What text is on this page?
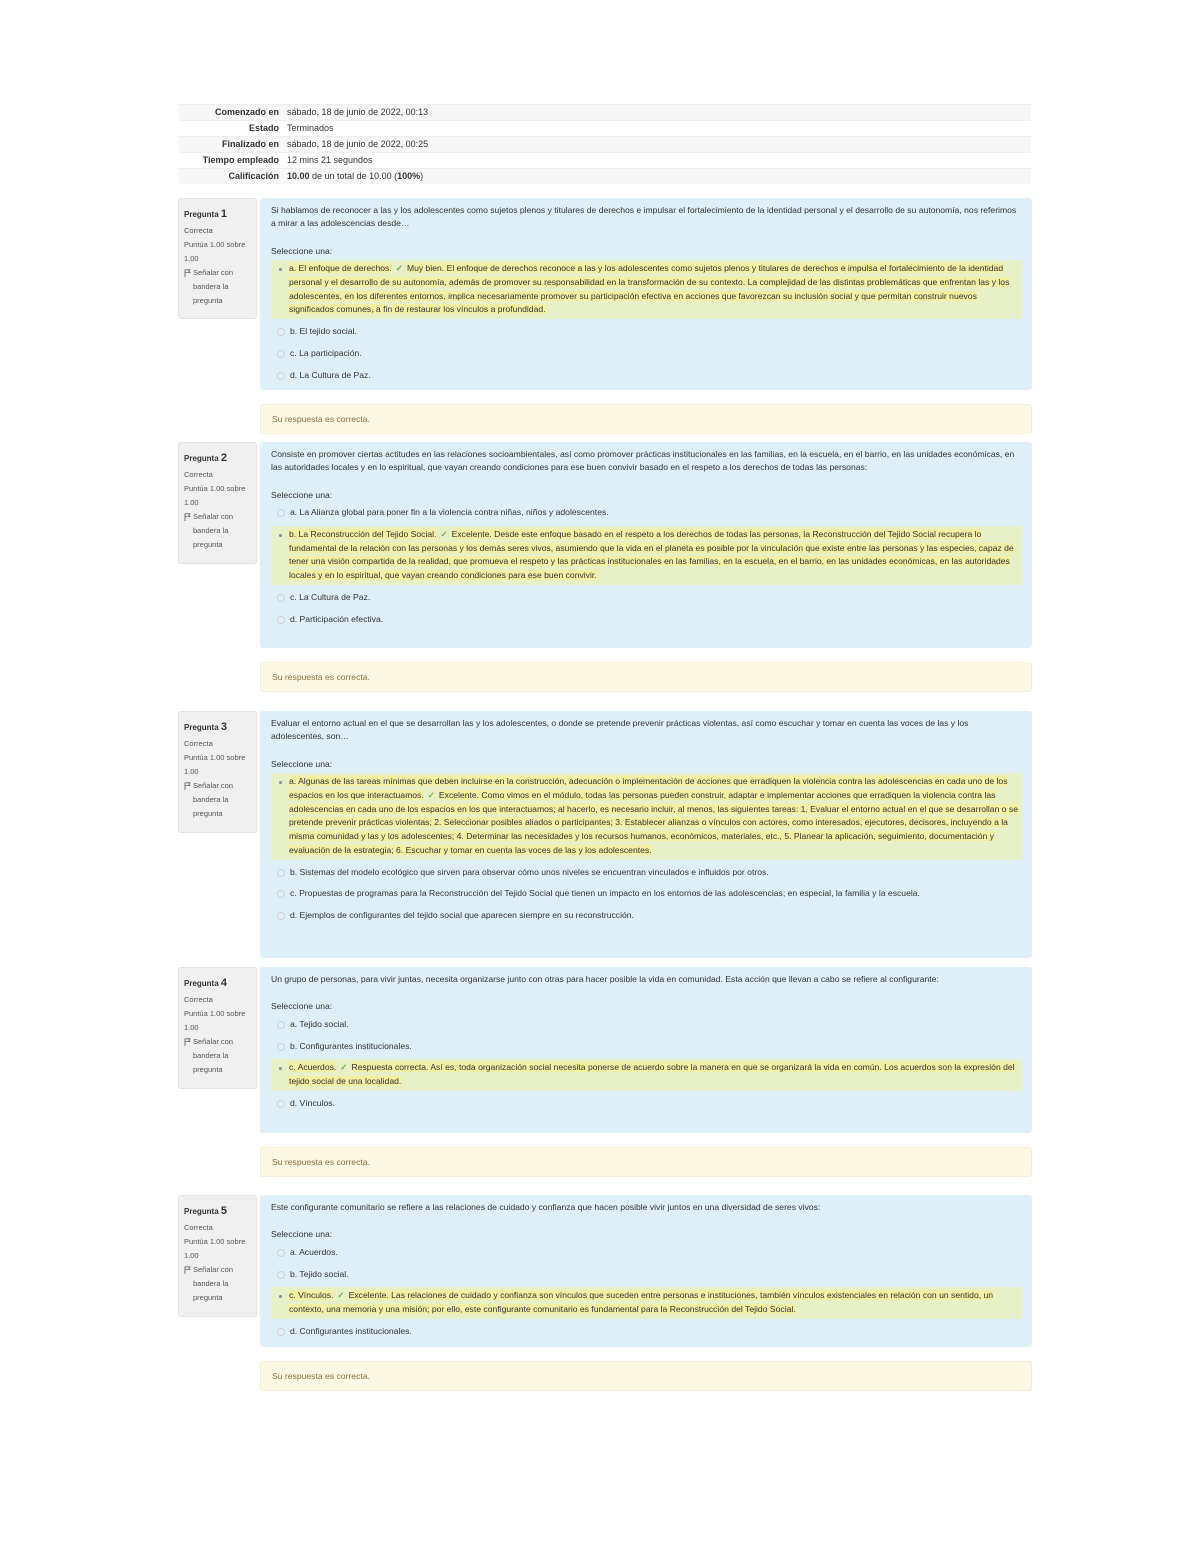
Comenzado en sábado, 18 de junio de 2022, 00:13
Estado Terminados
Finalizado en sábado, 18 de junio de 2022, 00:25
Tiempo empleado 12 mins 21 segundos
Calificación 10.00 de un total de 10.00 (100%)
Pregunta 1
Correcta
Puntúa 1.00 sobre 1.00
Señalar con bandera la pregunta
Si hablamos de reconocer a las y los adolescentes como sujetos plenos y titulares de derechos e impulsar el fortalecimiento de la identidad personal y el desarrollo de su autonomía, nos referimos a mirar a las adolescencias desde…
Seleccione una:
a. El enfoque de derechos. ✓ Muy bien. El enfoque de derechos reconoce a las y los adolescentes como sujetos plenos y titulares de derechos e impulsa el fortalecimiento de la identidad personal y el desarrollo de su autonomía, además de promover su responsabilidad en la transformación de su contexto. La complejidad de las distintas problemáticas que enfrentan las y los adolescentes, en los diferentes entornos, implica necesariamente promover su participación efectiva en acciones que favorezcan su inclusión social y que permitan construir nuevos significados comunes, a fin de restaurar los vínculos a profundidad.
b. El tejido social.
c. La participación.
d. La Cultura de Paz.
Su respuesta es correcta.
Pregunta 2
Correcta
Puntúa 1.00 sobre 1.00
Señalar con bandera la pregunta
Consiste en promover ciertas actitudes en las relaciones socioambientales, así como promover prácticas institucionales en las familias, en la escuela, en el barrio, en las unidades económicas, en las autoridades locales y en lo espiritual, que vayan creando condiciones para ese buen convivir basado en el respeto a los derechos de todas las personas:
Seleccione una:
a. La Alianza global para poner fin a la violencia contra niñas, niños y adolescentes.
b. La Reconstrucción del Tejido Social. ✓ Excelente. Desde este enfoque basado en el respeto a los derechos de todas las personas, la Reconstrucción del Tejido Social recupera lo fundamental de la relación con las personas y los demás seres vivos, asumiendo que la vida en el planeta es posible por la vinculación que existe entre las personas y las especies, capaz de tener una visión compartida de la realidad, que promueva el respeto y las prácticas institucionales en las familias, en la escuela, en el barrio, en las unidades económicas, en las autoridades locales y en lo espiritual, que vayan creando condiciones para ese buen convivir.
c. La Cultura de Paz.
d. Participación efectiva.
Su respuesta es correcta.
Pregunta 3
Correcta
Puntúa 1.00 sobre 1.00
Señalar con bandera la pregunta
Evaluar el entorno actual en el que se desarrollan las y los adolescentes, o donde se pretende prevenir prácticas violentas, así como escuchar y tomar en cuenta las voces de las y los adolescentes, son…
Seleccione una:
a. Algunas de las tareas mínimas que deben incluirse en la construcción, adecuación o implementación de acciones que erradiquen la violencia contra las adolescencias en cada uno de los espacios en los que interactuamos. ✓ Excelente. Como vimos en el módulo, todas las personas pueden construir, adaptar e implementar acciones que erradiquen la violencia contra las adolescencias en cada uno de los espacios en los que interactuamos; al hacerlo, es necesario incluir, al menos, las siguientes tareas: 1. Evaluar el entorno actual en el que se desarrollan o se pretende prevenir prácticas violentas; 2. Seleccionar posibles aliados o participantes; 3. Establecer alianzas o vínculos con actores, como interesados, ejecutores, decisores, incluyendo a la misma comunidad y las y los adolescentes; 4. Determinar las necesidades y los recursos humanos, económicos, materiales, etc., 5. Planear la aplicación, seguimiento, documentación y evaluación de la estrategia; 6. Escuchar y tomar en cuenta las voces de las y los adolescentes.
b. Sistemas del modelo ecológico que sirven para observar cómo unos niveles se encuentran vinculados e influidos por otros.
c. Propuestas de programas para la Reconstrucción del Tejido Social que tienen un impacto en los entornos de las adolescencias; en especial, la familia y la escuela.
d. Ejemplos de configurantes del tejido social que aparecen siempre en su reconstrucción.
Pregunta 4
Correcta
Puntúa 1.00 sobre 1.00
Señalar con bandera la pregunta
Un grupo de personas, para vivir juntas, necesita organizarse junto con otras para hacer posible la vida en comunidad. Esta acción que llevan a cabo se refiere al configurante:
Seleccione una:
a. Tejido social.
b. Configurantes institucionales.
c. Acuerdos. ✓ Respuesta correcta. Así es, toda organización social necesita ponerse de acuerdo sobre la manera en que se organizará la vida en común. Los acuerdos son la expresión del tejido social de una localidad.
d. Vínculos.
Su respuesta es correcta.
Pregunta 5
Correcta
Puntúa 1.00 sobre 1.00
Señalar con bandera la pregunta
Este configurante comunitario se refiere a las relaciones de cuidado y confianza que hacen posible vivir juntos en una diversidad de seres vivos:
Seleccione una:
a. Acuerdos.
b. Tejido social.
c. Vínculos. ✓ Excelente. Las relaciones de cuidado y confianza son vínculos que suceden entre personas e instituciones, también vínculos existenciales en relación con un sentido, un contexto, una memoria y una misión; por ello, este configurante comunitario es fundamental para la Reconstrucción del Tejido Social.
d. Configurantes institucionales.
Su respuesta es correcta.
